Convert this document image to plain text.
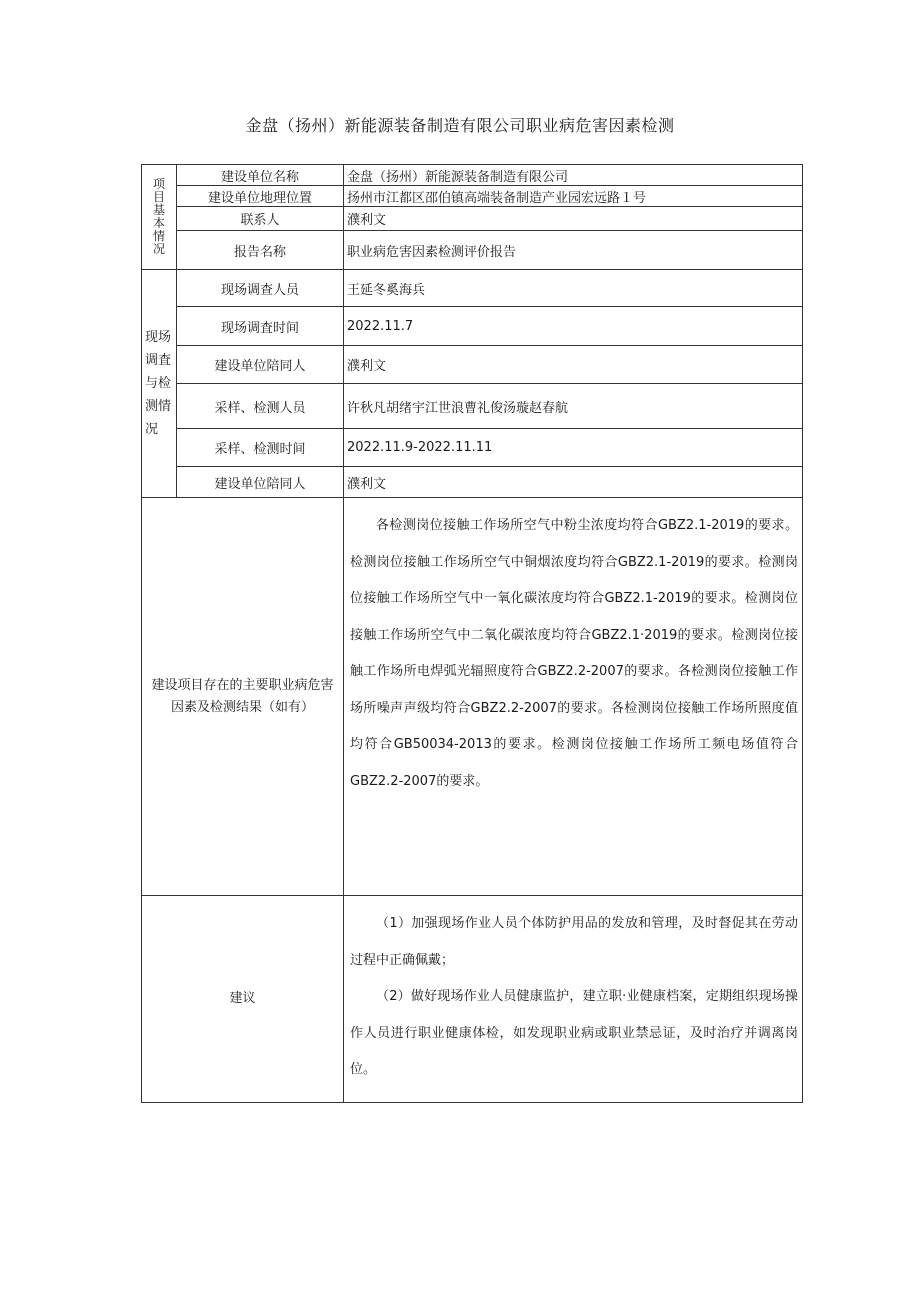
金盘（扬州）新能源装备制造有限公司职业病危害因素检测
项目基本情况	建设单位名称	金盘（扬州）新能源装备制造有限公司
	建设单位地理位置	扬州市江都区邵伯镇高端装备制造产业园宏远路１号
	联系人	濮利文
	报告名称	职业病危害因素检测评价报告

现场调査与检测情况	现场调查人员	王延冬奚海兵
	现场调査时间	2022.11.7
	建设单位陪同人	濮利文
	采样、检测人员	许秋凡胡绪宇江世浪曹礼俊汤璇赵春航
	采样、检测时间	2022.11.9-2022.11.11
	建设单位陪同人	濮利文
建设项目存在的主要职业病危害因素及检测结果（如有）		各检测岗位接触工作场所空气中粉尘浓度均符合GBZ2.1-2019的要求。检测岗位接触工作场所空气中铜烟浓度均符合GBZ2.1-2019的要求。检测岗位接触工作场所空气中一氧化碳浓度均符合GBZ2.1-2019的要求。检测岗位接触工作场所空气中二氧化碳浓度均符合GBZ2.1·2019的要求。检测岗位接触工作场所电焊弧光辐照度符合GBZ2.2-2007的要求。各检测岗位接触工作场所噪声声级均符合GBZ2.2-2007的要求。各检测岗位接触工作场所照度值均符合GB50034-2013的要求。检测岗位接触工作场所工频电场值符合GBZ2.2-2007的要求。

建议		（1）加强现场作业人员个体防护用品的发放和管理，及时督促其在劳动过程中正确佩戴；

（2）做好现场作业人员健康监护，建立职·业健康档案，定期组织现场操作人员进行职业健康体检，如发现职业病或职业禁忌证，及时治疗并调离岗位。
